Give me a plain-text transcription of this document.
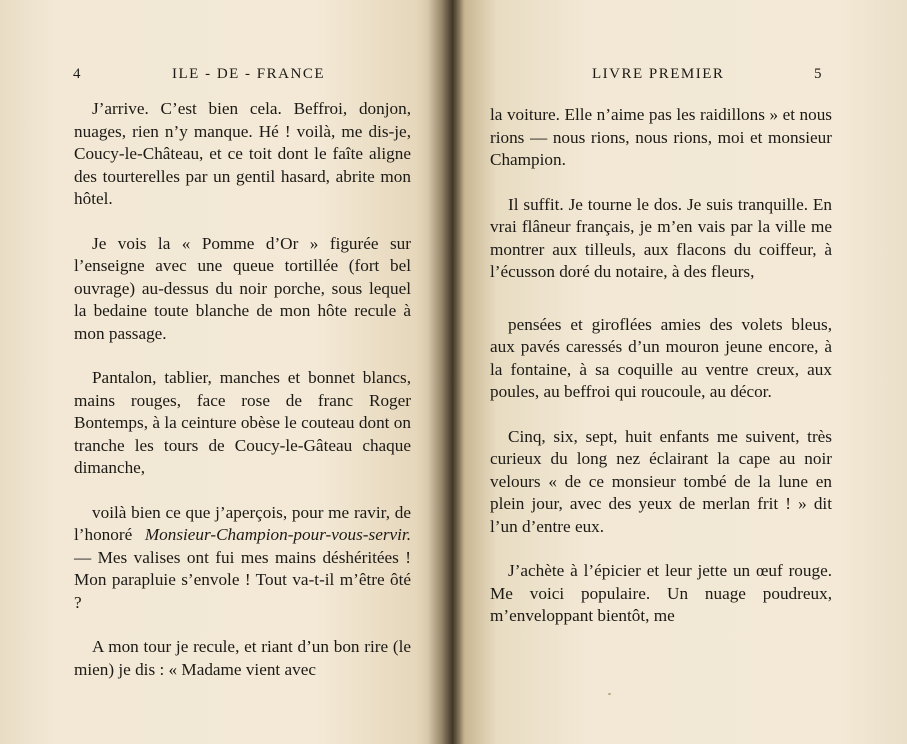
4	ILE - DE - FRANCE

J’arrive. C’est bien cela. Beffroi, donjon, nuages, rien n’y manque. Hé ! voilà, me dis-je, Coucy-le-Château, et ce toit dont le faîte aligne des tourterelles par un gentil hasard, abrite mon hôtel.

Je vois la « Pomme d’Or » figurée sur l’enseigne avec une queue tortillée (fort bel ouvrage) au-dessus du noir porche, sous lequel la bedaine toute blanche de mon hôte recule à mon passage.

Pantalon, tablier, manches et bonnet blancs, mains rouges, face rose de franc Roger Bontemps, à la ceinture obèse le couteau dont on tranche les tours de Coucy-le-Gâteau chaque dimanche,

voilà bien ce que j’aperçois, pour me ravir, de l’honoré Monsieur-Champion-pour-vous-servir. — Mes valises ont fui mes mains déshéritées ! Mon parapluie s’envole ! Tout va-t-il m’être ôté ?

A mon tour je recule, et riant d’un bon rire (le mien) je dis : « Madame vient avec

LIVRE PREMIER	5

la voiture. Elle n’aime pas les raidillons » et nous rions — nous rions, nous rions, moi et monsieur Champion.

Il suffit. Je tourne le dos. Je suis tranquille. En vrai flâneur français, je m’en vais par la ville me montrer aux tilleuls, aux flacons du coiffeur, à l’écusson doré du notaire, à des fleurs,

pensées et giroflées amies des volets bleus, aux pavés caressés d’un mouron jeune encore, à la fontaine, à sa coquille au ventre creux, aux poules, au beffroi qui roucoule, au décor.

Cinq, six, sept, huit enfants me suivent, très curieux du long nez éclairant la cape au noir velours « de ce monsieur tombé de la lune en plein jour, avec des yeux de merlan frit ! » dit l’un d’entre eux.

J’achète à l’épicier et leur jette un œuf rouge. Me voici populaire. Un nuage poudreux, m’enveloppant bientôt, me
